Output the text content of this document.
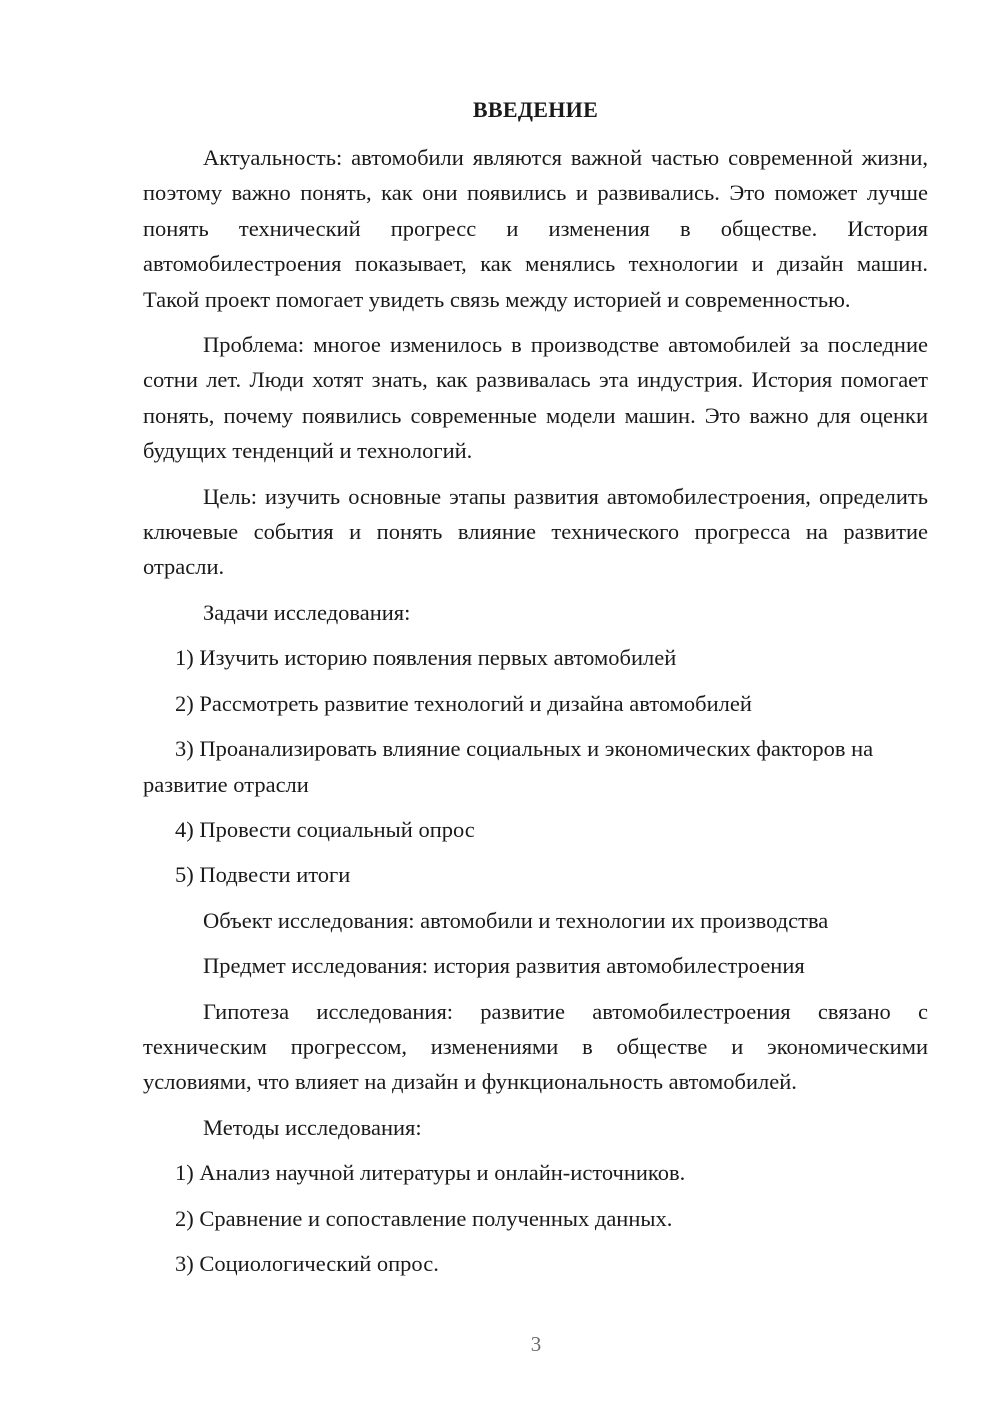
ВВЕДЕНИЕ

Актуальность: автомобили являются важной частью современной жизни, поэтому важно понять, как они появились и развивались. Это поможет лучше понять технический прогресс и изменения в обществе. История автомобилестроения показывает, как менялись технологии и дизайн машин. Такой проект помогает увидеть связь между историей и современностью.

Проблема: многое изменилось в производстве автомобилей за последние сотни лет. Люди хотят знать, как развивалась эта индустрия. История помогает понять, почему появились современные модели машин. Это важно для оценки будущих тенденций и технологий.

Цель: изучить основные этапы развития автомобилестроения, определить ключевые события и понять влияние технического прогресса на развитие отрасли.

Задачи исследования:

1) Изучить историю появления первых автомобилей

2) Рассмотреть развитие технологий и дизайна автомобилей

3) Проанализировать влияние социальных и экономических факторов на развитие отрасли

4) Провести социальный опрос

5) Подвести итоги

Объект исследования: автомобили и технологии их производства

Предмет исследования: история развития автомобилестроения

Гипотеза исследования: развитие автомобилестроения связано с техническим прогрессом, изменениями в обществе и экономическими условиями, что влияет на дизайн и функциональность автомобилей.

Методы исследования:

1) Анализ научной литературы и онлайн-источников.

2) Сравнение и сопоставление полученных данных.

3) Социологический опрос.

3
